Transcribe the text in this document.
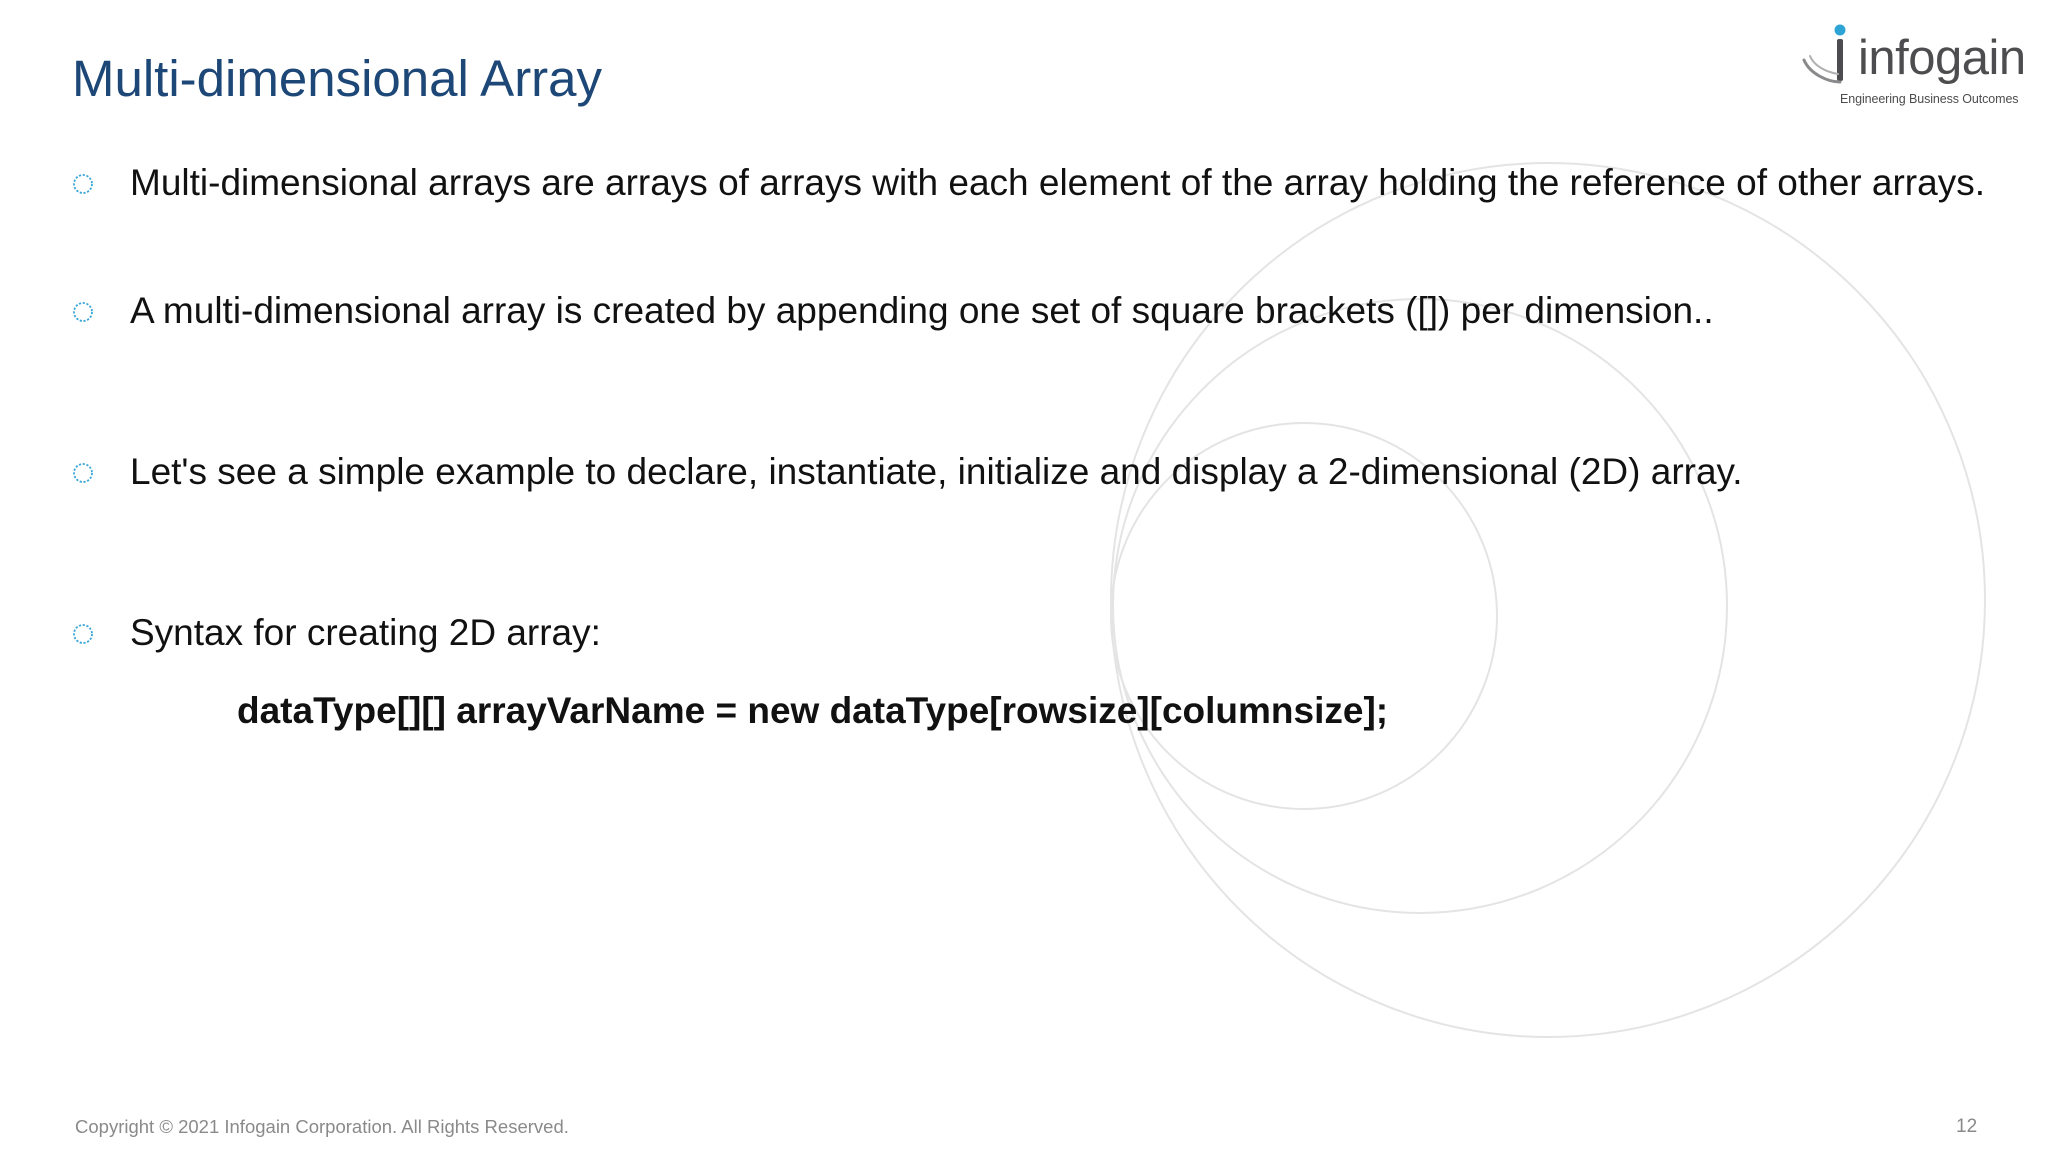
Multi-dimensional Array	infogain
Engineering Business Outcomes
Multi-dimensional arrays are arrays of arrays with each element of the array holding the reference of other arrays.
A multi-dimensional array is created by appending one set of square brackets ([]) per dimension..
Let's see a simple example to declare, instantiate, initialize and display a 2-dimensional (2D) array.
Syntax for creating 2D array:
dataType[][] arrayVarName = new dataType[rowsize][columnsize];
Copyright © 2021 Infogain Corporation. All Rights Reserved.	12
